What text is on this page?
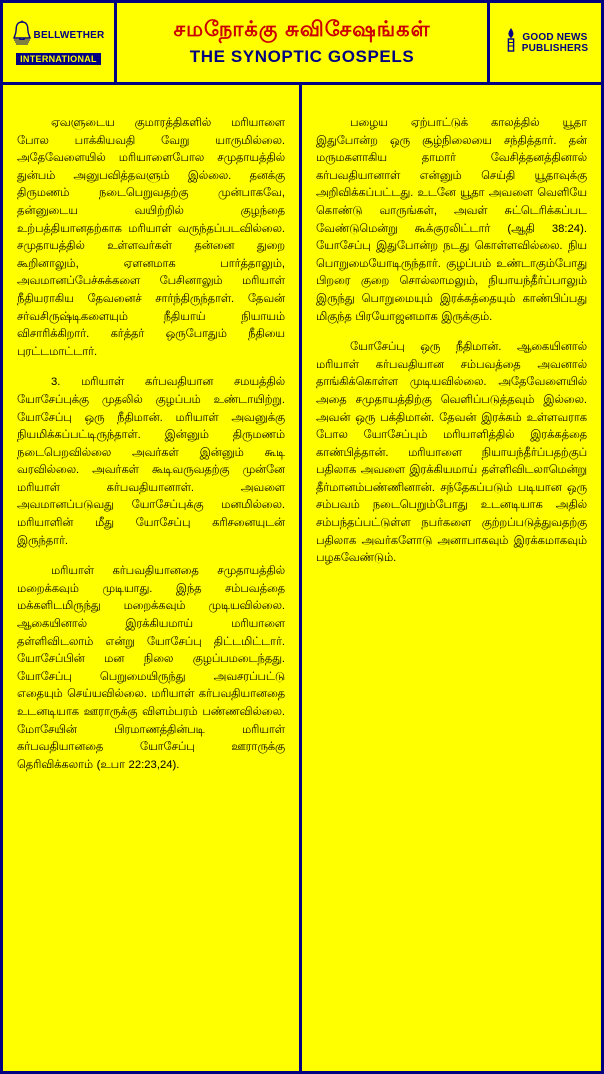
BELLWETHER
INTERNATIONAL
சமநோக்கு சுவிசேஷங்கள்
THE SYNOPTIC GOSPELS
GOOD NEWS
PUBLISHERS

ஏவளுடைய குமாரத்திகளில் மரியாளை போல பாக்கியவதி வேறு யாருமில்லை. அதேவேளையில் மரியாளைபோல சமுதாயத்தில் துன்பம் அனுபவித்தவளும் இல்லை. தனக்கு திருமணம் நடைபெறுவதற்கு முன்பாகவே, தன்னுடைய வயிற்றில் குழந்தை உற்பத்தியானதற்காக மரியாள் வருந்தப்படவில்லை. சமுதாயத்தில் உள்ளவர்கள் தன்னை துறை கூறினாலும், ஏளனமாக பார்த்தாலும், அவமானப்பேச்சுக்களை பேசினாலும் மரியாள் நீதியராகிய தேவனைச் சார்ந்திருந்தாள். தேவன் சர்வசிருஷ்டிகளையும் நீதியாய் நியாயம் விசாரிக்கிறார். கர்த்தர் ஒருபோதும் நீதியை புரட்டமாட்டார்.

3. மரியாள் கர்பவதியான சமயத்தில் யோசேப்புக்கு முதலில் குழப்பம் உண்டாயிற்று. யோசேப்பு ஒரு நீதிமான். மரியாள் அவனுக்கு நியமிக்கப்பட்டிருந்தாள். இன்னும் திருமணம் நடைபெறவில்லை அவர்கள் இன்னும் கூடி வரவில்லை. அவர்கள் கூடிவருவதற்கு முன்னே மரியாள் கர்பவதியானாள். அவளை அவமானப்படுவது யோசேப்புக்கு மனமில்லை. மரியாளின் மீது யோசேப்பு கரிசனையுடன் இருந்தார்.

மரியாள் கர்பவதியானதை சமுதாயத்தில் மறைக்கவும் முடியாது. இந்த சம்பவத்தை மக்களிடமிருந்து மறைக்கவும் முடியவில்லை. ஆகையினால் இரக்கியமாய் மரியாளை தள்ளிவிடலாம் என்று யோசேப்பு திட்டமிட்டார். யோசேப்பின் மன நிலை குழப்பமடைந்தது. யோசேப்பு பெறுமையிருந்து அவசரப்பட்டு எதையும் செய்யவில்லை. மரியாள் கர்பவதியானதை உடனடியாக ஊராருக்கு விளம்பரம் பண்ணவில்லை. மோசேயின் பிரமாணத்தின்படி மரியாள் கர்பவதியானதை யோசேப்பு ஊராருக்கு தெரிவிக்கலாம் (உபா 22:23,24).

பழைய ஏற்பாட்டுக் காலத்தில் யூதா இதுபோன்ற ஒரு சூழ்நிலையை சந்தித்தார். தன் மருமகளாகிய தாமார் வேசித்தனத்தினால் கர்பவதியானாள் என்னும் செய்தி யூதாவுக்கு அறிவிக்கப்பட்டது. உடனே யூதா அவளை வெளியே கொண்டு வாருங்கள், அவள் சுட்டெரிக்கப்பட வேண்டுமென்று கூக்குரலிட்டார் (ஆதி 38:24). யோசேப்பு இதுபோன்ற நடது கொள்ளவில்லை. நிய பொறுமையோடிருந்தார். குழப்பம் உண்டாகும்போது பிறரை குறை சொல்லாமலும், நியாயந்தீர்ப்பாலும் இருந்து பொறுமையும் இரக்கத்தையும் காண்பிப்பது மிகுந்த பிரயோஜனமாக இருக்கும்.

யோசேப்பு ஒரு நீதிமான். ஆகையினால் மரியாள் கர்பவதியான சம்பவத்தை அவனால் தாங்கிக்கொள்ள முடியவில்லை. அதேவேளையில் அதை சமுதாயத்திற்கு வெளிப்படுத்தவும் இல்லை. அவன் ஒரு பக்திமான். தேவன் இரக்கம் உள்ளவராக போல யோசேப்பும் மரியாளித்தில் இரக்கத்தை காண்பித்தான். மரியாளை நியாயந்தீர்ப்பதற்குப் பதிலாக அவளை இரக்கியமாய் தள்ளிவிடலாமென்று தீர்மானம்பண்ணினான். சந்தேகப்படும் படியான ஒரு சம்பவம் நடைபெறும்போது உடனடியாக அதில் சம்பந்தப்பட்டுள்ள நபர்களை குற்றப்படுத்துவதற்கு பதிலாக அவர்களோடு அனாபாகவும் இரக்கமாகவும் பழகவேண்டும்.
